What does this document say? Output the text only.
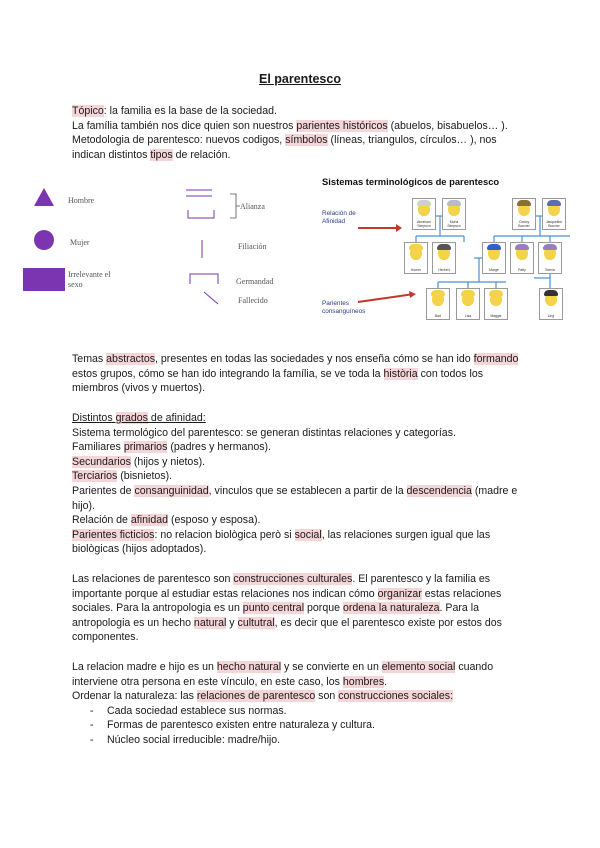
El parentesco

Tópico: la familia es la base de la sociedad.

La família también nos dice quien son nuestros parientes históricos (abuelos, bisabuelos… ).

Metodologia de parentesco: nuevos codigos, símbolos (líneas, triangulos, círculos… ), nos indican distintos tipos de relación.

Hombre
Mujer
Irrelevante el sexo
Alianza
Filiación
Germandad
Fallecido
Sistemas terminológicos de parentesco
Relación de Afinidad
Parientes consanguíneos
Abraham Simpson
Mona Simpson
Clancy Bouvier
Jacqueline Bouvier
Homer	Herbert	Marge	Patty	Selma
Bart	Lisa	Maggie	Ling

Temas abstractos, presentes en todas las sociedades y nos enseña cómo se han ido formando estos grupos, cómo se han ido integrando la família, se ve toda la història con todos los miembros (vivos y muertos).

Distintos grados de afinidad:

Sistema termológico del parentesco: se generan distintas relaciones y categorías.

Familiares primarios (padres y hermanos).

Secundarios (hijos y nietos).

Terciarios (bisnietos).

Parientes de consanguinidad, vinculos que se establecen a partir de la descendencia (madre e hijo).

Relación de afinidad (esposo y esposa).

Parientes ficticios: no relacion biològica però si social, las relaciones surgen igual que las biològicas (hijos adoptados).

Las relaciones de parentesco son construcciones culturales. El parentesco y la familia es importante porque al estudiar estas relaciones nos indican cómo organizar estas relaciones sociales. Para la antropologia es un punto central porque ordena la naturaleza. Para la antropologia es un hecho natural y cultutral, es decir que el parentesco existe por estos dos componentes.

La relacion madre e hijo es un hecho natural y se convierte en un elemento social cuando interviene otra persona en este vínculo, en este caso, los hombres.

Ordenar la naturaleza: las relaciones de parentesco son construcciones sociales:

- Cada sociedad establece sus normas.
- Formas de parentesco existen entre naturaleza y cultura.
- Núcleo social irreducible: madre/hijo.
